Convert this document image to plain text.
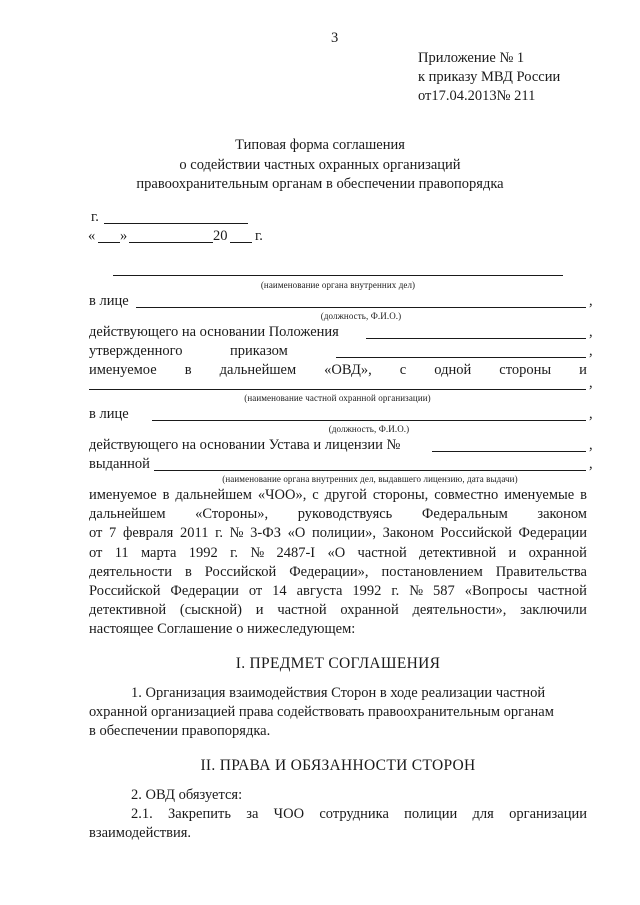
3
Приложение № 1
к приказу МВД России
от17.04.2013№ 211
Типовая форма соглашения
о содействии частных охранных организаций
правоохранительным органам в обеспечении правопорядка
г.
« »	20 г.
(наименование органа внутренних дел)
в лице	,
(должность, Ф.И.О.)
действующего на основании Положения	,
утвержденного	приказом	,
именуемое в дальнейшем «ОВД», с одной стороны и
,
(наименование частной охранной организации)
в лице	,
(должность, Ф.И.О.)
действующего на основании Устава и лицензии №	,
выданной	,
(наименование органа внутренних дел, выдавшего лицензию, дата выдачи)
именуемое в дальнейшем «ЧОО», с другой стороны, совместно именуемые в
дальнейшем «Стороны», руководствуясь Федеральным законом
от 7 февраля 2011 г. № 3-ФЗ «О полиции», Законом Российской Федерации
от 11 марта 1992 г. № 2487-I «О частной детективной и охранной
деятельности в Российской Федерации», постановлением Правительства
Российской Федерации от 14 августа 1992 г. № 587 «Вопросы частной
детективной (сыскной) и частной охранной деятельности», заключили
настоящее Соглашение о нижеследующем:
I. ПРЕДМЕТ СОГЛАШЕНИЯ
1. Организация взаимодействия Сторон в ходе реализации частной
охранной организацией права содействовать правоохранительным органам
в обеспечении правопорядка.
II. ПРАВА И ОБЯЗАННОСТИ СТОРОН
2. ОВД обязуется:
2.1. Закрепить за ЧОО сотрудника полиции для организации
взаимодействия.
